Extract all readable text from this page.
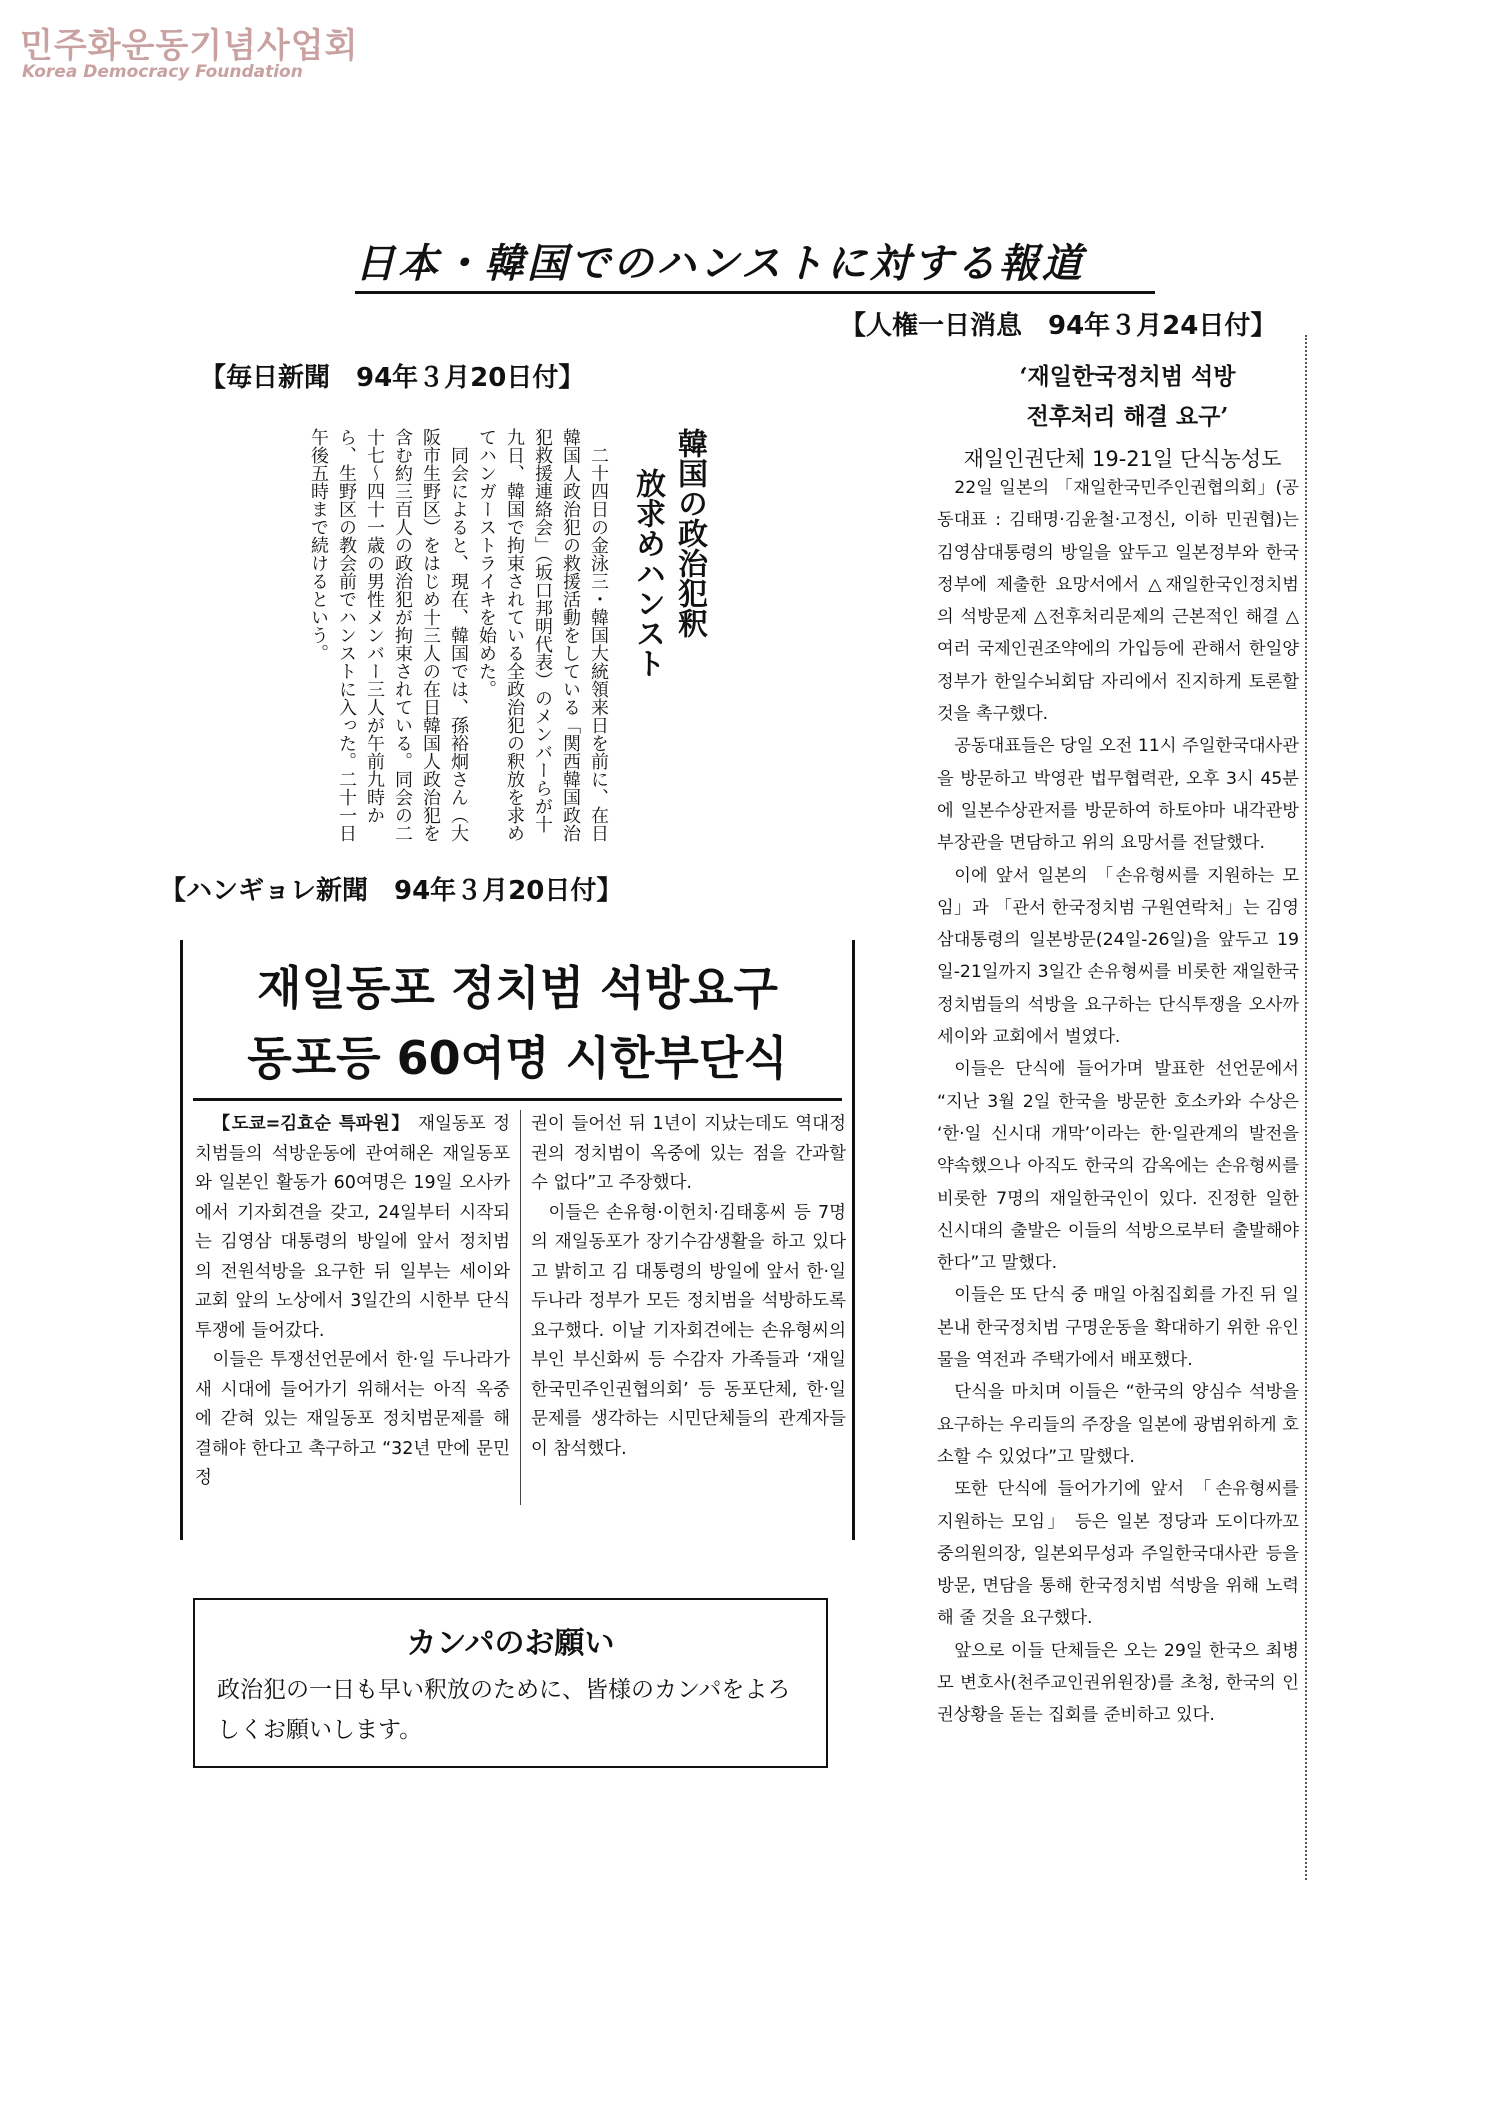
민주화운동기념사업회
Korea Democracy Foundation
日本・韓国でのハンストに対する報道
【人権一日消息　94年３月24日付】
‘재일한국정치범 석방
전후처리 해결 요구’
재일인권단체 19-21일 단식농성도

22일 일본의 「재일한국민주인권협의회」(공동대표 : 김태명·김윤철·고정신, 이하 민권협)는 김영삼대통령의 방일을 앞두고 일본정부와 한국정부에 제출한 요망서에서 △재일한국인정치범의 석방문제 △전후처리문제의 근본적인 해결 △여러 국제인권조약에의 가입등에 관해서 한일양정부가 한일수뇌회담 자리에서 진지하게 토론할 것을 촉구했다.

공동대표들은 당일 오전 11시 주일한국대사관을 방문하고 박영관 법무협력관, 오후 3시 45분에 일본수상관저를 방문하여 하토야마 내각관방부장관을 면담하고 위의 요망서를 전달했다.

이에 앞서 일본의 「손유형씨를 지원하는 모임」과 「관서 한국정치범 구원연락처」는 김영삼대통령의 일본방문(24일-26일)을 앞두고 19일-21일까지 3일간 손유형씨를 비롯한 재일한국정치범들의 석방을 요구하는 단식투쟁을 오사까 세이와 교회에서 벌였다.

이들은 단식에 들어가며 발표한 선언문에서 “지난 3월 2일 한국을 방문한 호소카와 수상은 ‘한·일 신시대 개막’이라는 한·일관계의 발전을 약속했으나 아직도 한국의 감옥에는 손유형씨를 비롯한 7명의 재일한국인이 있다. 진정한 일한 신시대의 출발은 이들의 석방으로부터 출발해야 한다”고 말했다.

이들은 또 단식 중 매일 아침집회를 가진 뒤 일본내 한국정치범 구명운동을 확대하기 위한 유인물을 역전과 주택가에서 배포했다.

단식을 마치며 이들은 “한국의 양심수 석방을 요구하는 우리들의 주장을 일본에 광범위하게 호소할 수 있었다”고 말했다.

또한 단식에 들어가기에 앞서 「손유형씨를 지원하는 모임」 등은 일본 정당과 도이다까꼬 중의원의장, 일본외무성과 주일한국대사관 등을 방문, 면담을 통해 한국정치범 석방을 위해 노력해 줄 것을 요구했다.

앞으로 이들 단체들은 오는 29일 한국으 최병모 변호사(천주교인권위원장)를 초청, 한국의 인권상황을 돋는 집회를 준비하고 있다.

【毎日新聞　94年３月20日付】
韓国の政治犯釈
放求めハンスト

二十四日の金泳三・韓国大統領来日を前に、在日韓国人政治犯の救援活動をしている「関西韓国政治犯救援連絡会」（坂口邦明代表）のメンバーらが十九日、韓国で拘束されている全政治犯の釈放を求めてハンガーストライキを始めた。

同会によると、現在、韓国では、孫裕炯さん（大阪市生野区）をはじめ十三人の在日韓国人政治犯を含む約三百人の政治犯が拘束されている。同会の二十七〜四十一歳の男性メンバー三人が午前九時から、生野区の教会前でハンストに入った。二十一日午後五時まで続けるという。

【ハンギョレ新聞　94年３月20日付】
재일동포 정치범 석방요구
동포등 60여명 시한부단식

【도쿄=김효순 특파원】 재일동포 정치범들의 석방운동에 관여해온 재일동포와 일본인 활동가 60여명은 19일 오사카에서 기자회견을 갖고, 24일부터 시작되는 김영삼 대통령의 방일에 앞서 정치범의 전원석방을 요구한 뒤 일부는 세이와교회 앞의 노상에서 3일간의 시한부 단식투쟁에 들어갔다.

이들은 투쟁선언문에서 한·일 두나라가 새 시대에 들어가기 위해서는 아직 옥중에 갇혀 있는 재일동포 정치범문제를 해결해야 한다고 촉구하고 “32년 만에 문민정

권이 들어선 뒤 1년이 지났는데도 역대정권의 정치범이 옥중에 있는 점을 간과할 수 없다”고 주장했다.

이들은 손유형·이헌치·김태홍씨 등 7명의 재일동포가 장기수감생활을 하고 있다고 밝히고 김 대통령의 방일에 앞서 한·일 두나라 정부가 모든 정치범을 석방하도록 요구했다. 이날 기자회견에는 손유형씨의 부인 부신화씨 등 수감자 가족들과 ‘재일한국민주인권협의회’ 등 동포단체, 한·일문제를 생각하는 시민단체들의 관계자들이 참석했다.

カンパのお願い
政治犯の一日も早い釈放のために、皆様のカンパをよろしくお願いします。
